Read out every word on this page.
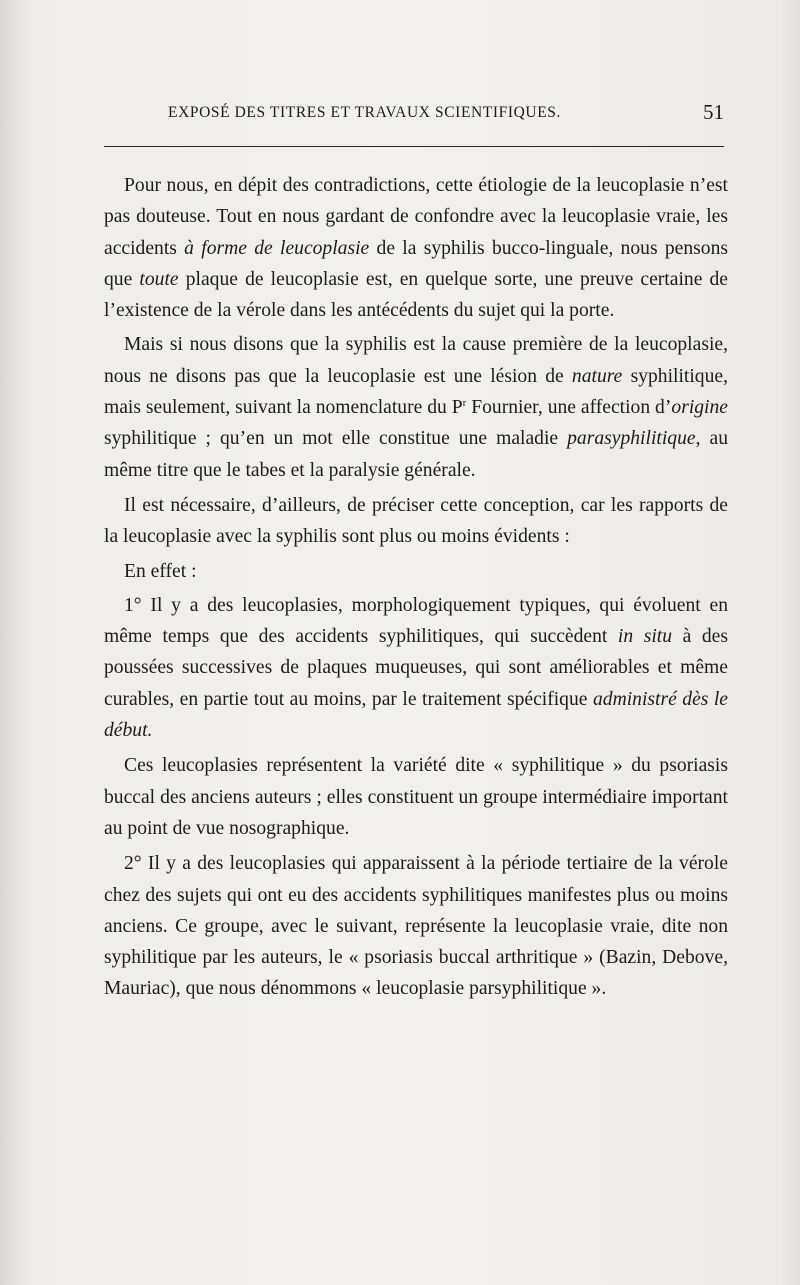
EXPOSÉ DES TITRES ET TRAVAUX SCIENTIFIQUES.	51

Pour nous, en dépit des contradictions, cette étiologie de la leucoplasie n’est pas douteuse. Tout en nous gardant de confondre avec la leucoplasie vraie, les accidents à forme de leucoplasie de la syphilis bucco-linguale, nous pensons que toute plaque de leucoplasie est, en quelque sorte, une preuve certaine de l’existence de la vérole dans les antécédents du sujet qui la porte.

Mais si nous disons que la syphilis est la cause première de la leucoplasie, nous ne disons pas que la leucoplasie est une lésion de nature syphilitique, mais seulement, suivant la nomenclature du $P^r$ Fournier, une affection d’origine syphilitique ; qu’en un mot elle constitue une maladie parasyphilitique, au même titre que le tabes et la paralysie générale.

Il est nécessaire, d’ailleurs, de préciser cette conception, car les rapports de la leucoplasie avec la syphilis sont plus ou moins évidents :

En effet :

1° Il y a des leucoplasies, morphologiquement typiques, qui évoluent en même temps que des accidents syphilitiques, qui succèdent in situ à des poussées successives de plaques muqueuses, qui sont améliorables et même curables, en partie tout au moins, par le traitement spécifique administré dès le début.

Ces leucoplasies représentent la variété dite « syphilitique » du psoriasis buccal des anciens auteurs ; elles constituent un groupe intermédiaire important au point de vue nosographique.

2° Il y a des leucoplasies qui apparaissent à la période tertiaire de la vérole chez des sujets qui ont eu des accidents syphilitiques manifestes plus ou moins anciens. Ce groupe, avec le suivant, représente la leucoplasie vraie, dite non syphilitique par les auteurs, le « psoriasis buccal arthritique » (Bazin, Debove, Mauriac), que nous dénommons « leucoplasie parsyphilitique ».
